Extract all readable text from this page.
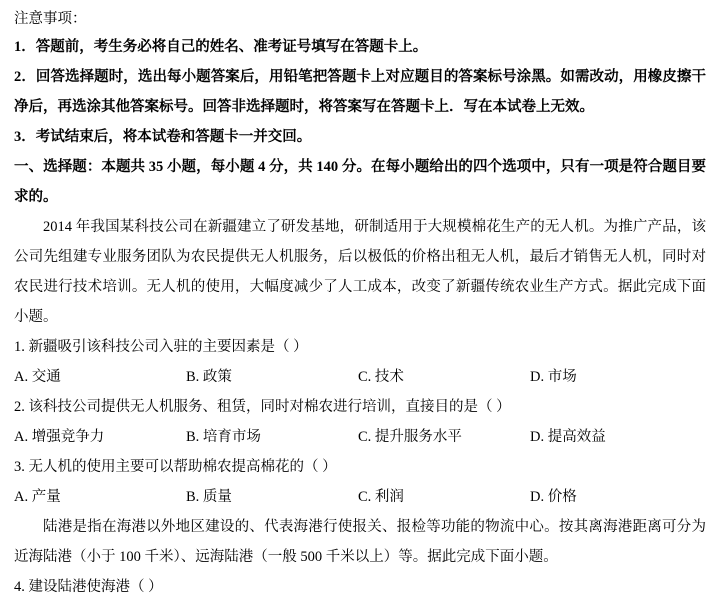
注意事项：
1．答题前，考生务必将自己的姓名、准考证号填写在答题卡上。
2．回答选择题时，选出每小题答案后，用铅笔把答题卡上对应题目的答案标号涂黑。如需改动，用橡皮擦干净后，再选涂其他答案标号。回答非选择题时，将答案写在答题卡上．写在本试卷上无效。
3．考试结束后，将本试卷和答题卡一并交回。
一、选择题：本题共 35 小题，每小题 4 分，共 140 分。在每小题给出的四个选项中，只有一项是符合题目要求的。
2014 年我国某科技公司在新疆建立了研发基地，研制适用于大规模棉花生产的无人机。为推广产品，该公司先组建专业服务团队为农民提供无人机服务，后以极低的价格出租无人机，最后才销售无人机，同时对农民进行技术培训。无人机的使用，大幅度减少了人工成本，改变了新疆传统农业生产方式。据此完成下面小题。
1. 新疆吸引该科技公司入驻的主要因素是（ ）
A. 交通	B. 政策	C. 技术	D. 市场
2. 该科技公司提供无人机服务、租赁，同时对棉农进行培训，直接目的是（ ）
A. 增强竞争力	B. 培育市场	C. 提升服务水平	D. 提高效益
3. 无人机的使用主要可以帮助棉农提高棉花的（ ）
A. 产量	B. 质量	C. 利润	D. 价格
陆港是指在海港以外地区建设的、代表海港行使报关、报检等功能的物流中心。按其离海港距离可分为近海陆港（小于 100 千米）、远海陆港（一般 500 千米以上）等。据此完成下面小题。
4. 建设陆港使海港（ ）
